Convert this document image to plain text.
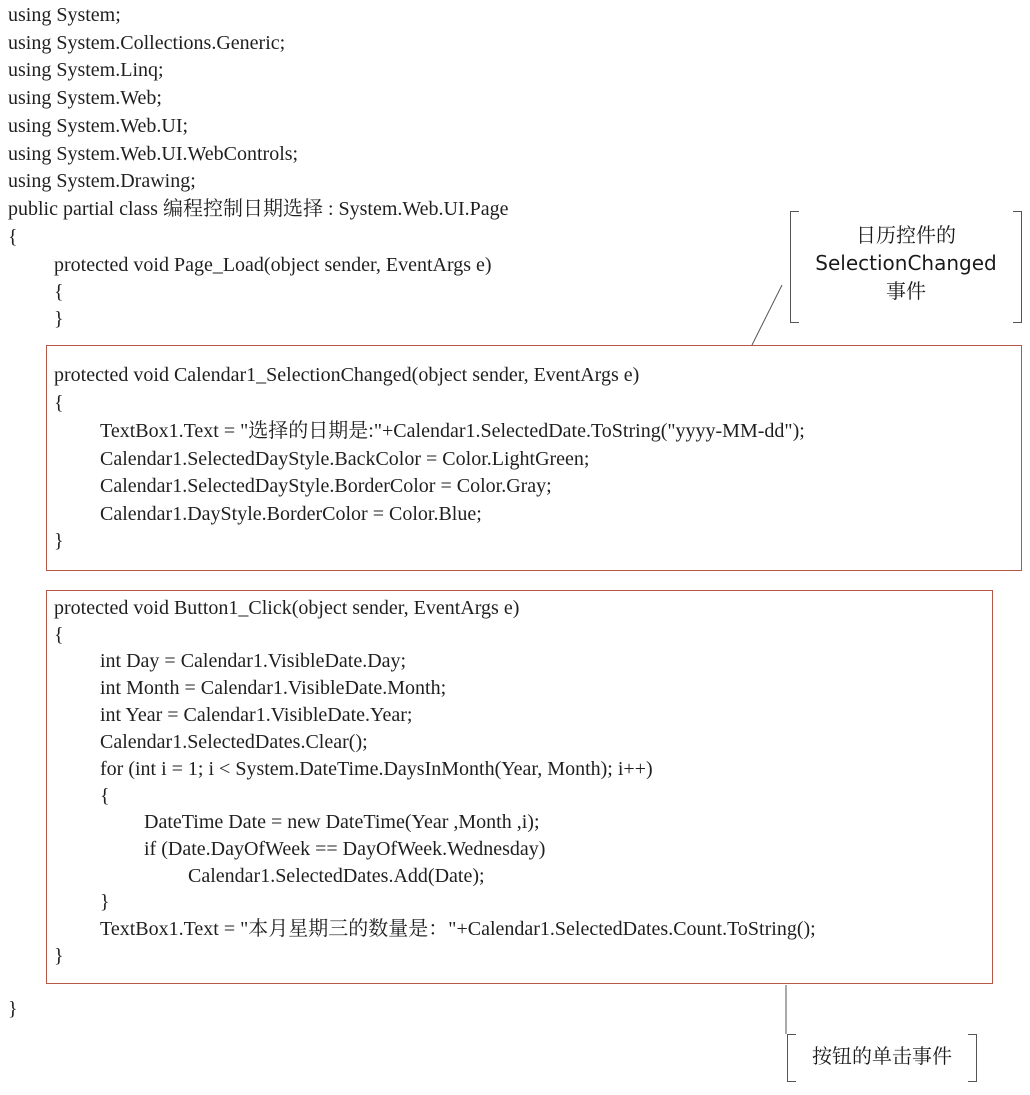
using System;
using System.Collections.Generic;
using System.Linq;
using System.Web;
using System.Web.UI;
using System.Web.UI.WebControls;
using System.Drawing;
public partial class 编程控制日期选择 : System.Web.UI.Page
{
protected void Page_Load(object sender, EventArgs e)
{
}
protected void Calendar1_SelectionChanged(object sender, EventArgs e)
{
TextBox1.Text = "选择的日期是:"+Calendar1.SelectedDate.ToString("yyyy-MM-dd");
Calendar1.SelectedDayStyle.BackColor = Color.LightGreen;
Calendar1.SelectedDayStyle.BorderColor = Color.Gray;
Calendar1.DayStyle.BorderColor = Color.Blue;
}
protected void Button1_Click(object sender, EventArgs e)
{
int Day = Calendar1.VisibleDate.Day;
int Month = Calendar1.VisibleDate.Month;
int Year = Calendar1.VisibleDate.Year;
Calendar1.SelectedDates.Clear();
for (int i = 1; i < System.DateTime.DaysInMonth(Year, Month); i++)
{
DateTime Date = new DateTime(Year ,Month ,i);
if (Date.DayOfWeek == DayOfWeek.Wednesday)
Calendar1.SelectedDates.Add(Date);
}
TextBox1.Text = "本月星期三的数量是："+Calendar1.SelectedDates.Count.ToString();
}
}
日历控件的
SelectionChanged
事件
按钮的单击事件
